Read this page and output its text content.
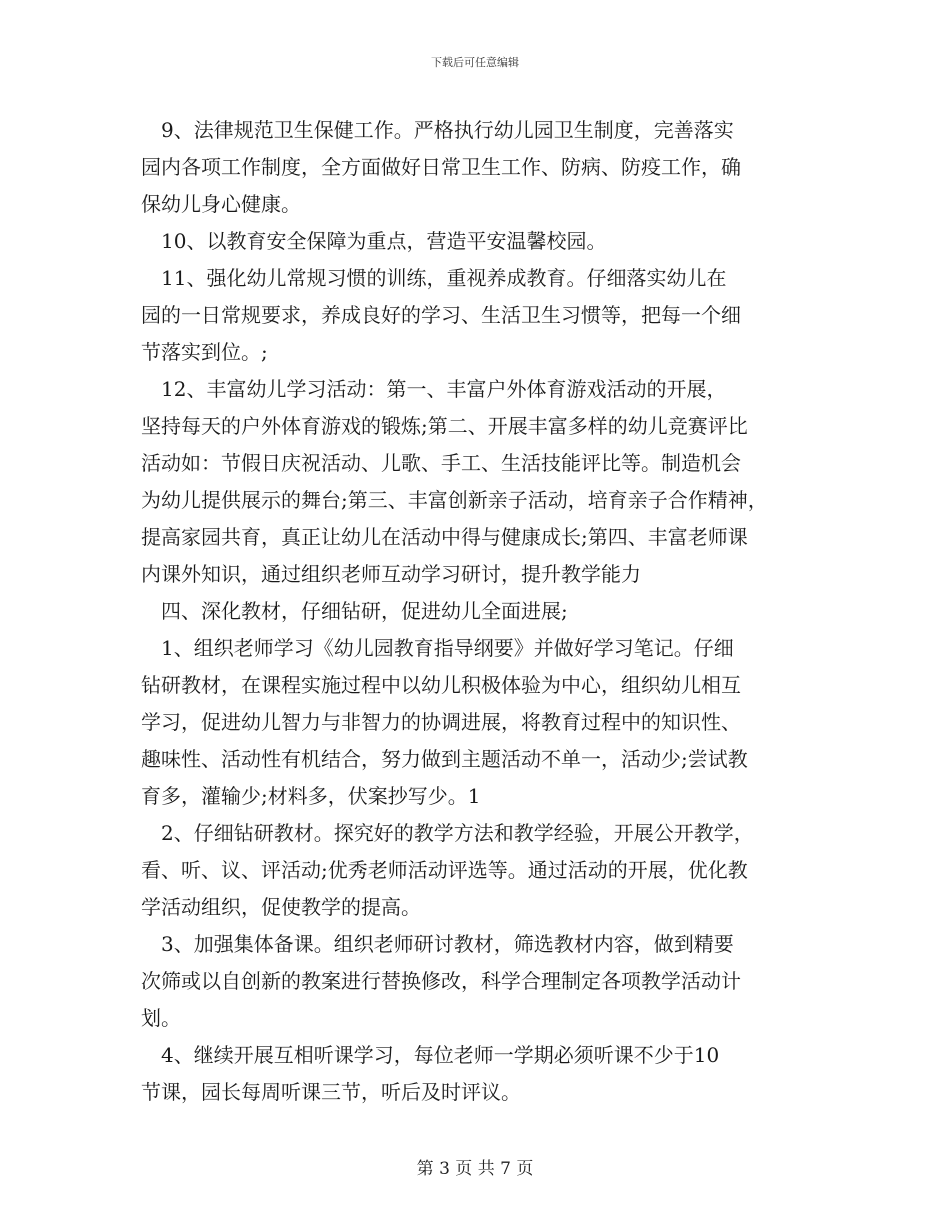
下载后可任意编辑

　9、法律规范卫生保健工作。严格执行幼儿园卫生制度，完善落实

园内各项工作制度，全方面做好日常卫生工作、防病、防疫工作，确

保幼儿身心健康。

　10、以教育安全保障为重点，营造平安温馨校园。

　11、强化幼儿常规习惯的训练，重视养成教育。仔细落实幼儿在

园的一日常规要求，养成良好的学习、生活卫生习惯等，把每一个细

节落实到位。;

　12、丰富幼儿学习活动：第一、丰富户外体育游戏活动的开展，

坚持每天的户外体育游戏的锻炼;第二、开展丰富多样的幼儿竞赛评比

活动如：节假日庆祝活动、儿歌、手工、生活技能评比等。制造机会

为幼儿提供展示的舞台;第三、丰富创新亲子活动，培育亲子合作精神，

提高家园共育，真正让幼儿在活动中得与健康成长;第四、丰富老师课

内课外知识，通过组织老师互动学习研讨，提升教学能力

　四、深化教材，仔细钻研，促进幼儿全面进展;

　1、组织老师学习《幼儿园教育指导纲要》并做好学习笔记。仔细

钻研教材，在课程实施过程中以幼儿积极体验为中心，组织幼儿相互

学习，促进幼儿智力与非智力的协调进展，将教育过程中的知识性、

趣味性、活动性有机结合，努力做到主题活动不单一，活动少;尝试教

育多，灌输少;材料多，伏案抄写少。1

　2、仔细钻研教材。探究好的教学方法和教学经验，开展公开教学，

看、听、议、评活动;优秀老师活动评选等。通过活动的开展，优化教

学活动组织，促使教学的提高。

　3、加强集体备课。组织老师研讨教材，筛选教材内容，做到精要

次筛或以自创新的教案进行替换修改，科学合理制定各项教学活动计

划。

　4、继续开展互相听课学习，每位老师一学期必须听课不少于10

节课，园长每周听课三节，听后及时评议。

第 3 页 共 7 页
